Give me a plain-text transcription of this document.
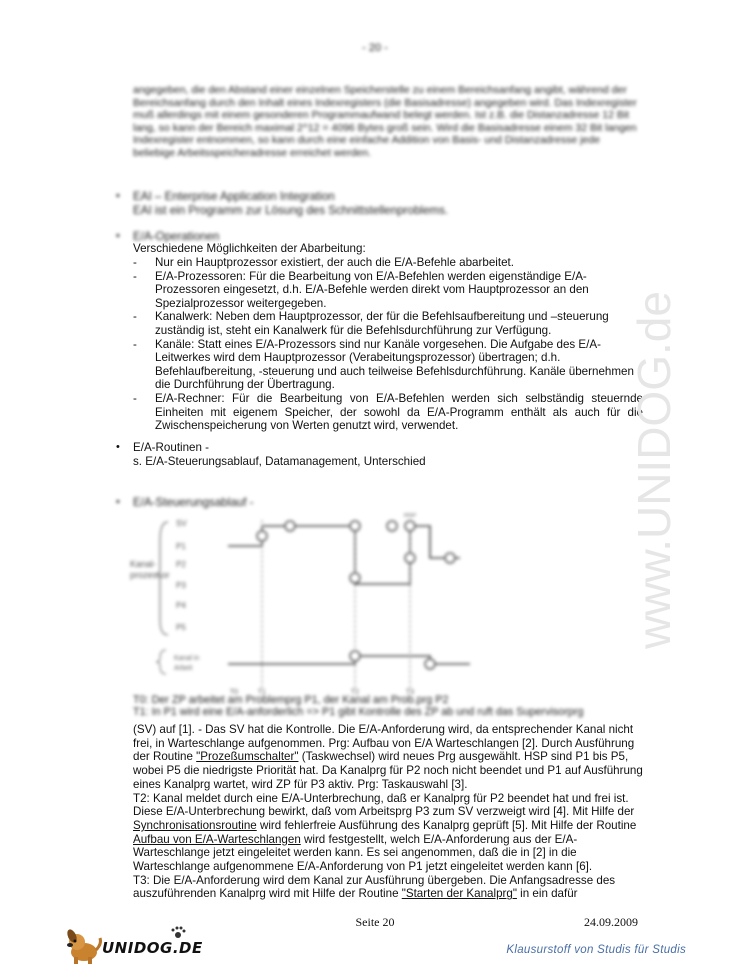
- 20 -
angegeben, die den Abstand einer einzelnen Speicherstelle zu einem Bereichsanfang angibt, während der Bereichsanfang durch den Inhalt eines Indexregisters (die Basisadresse) angegeben wird. Das Indexregister muß allerdings mit einem gesonderen Programmaufwand belegt werden. Ist z.B. die Distanzadresse 12 Bit lang, so kann der Bereich maximal 2^12 = 4096 Bytes groß sein. Wird die Basisadresse einem 32 Bit langen Indexregister entnommen, so kann durch eine einfache Addition von Basis- und Distanzadresse jede beliebige Arbeitsspeicheradresse erreichet werden.
• EAI – Enterprise Application Integration
EAI ist ein Programm zur Lösung des Schnittstellenproblems.
• E/A-Operationen
Verschiedene Möglichkeiten der Abarbeitung:
- Nur ein Hauptprozessor existiert, der auch die E/A-Befehle abarbeitet.
- E/A-Prozessoren: Für die Bearbeitung von E/A-Befehlen werden eigenständige E/A-Prozessoren eingesetzt, d.h. E/A-Befehle werden direkt vom Hauptprozessor an den Spezialprozessor weitergegeben.
- Kanalwerk: Neben dem Hauptprozessor, der für die Befehlsaufbereitung und –steuerung zuständig ist, steht ein Kanalwerk für die Befehlsdurchführung zur Verfügung.
- Kanäle: Statt eines E/A-Prozessors sind nur Kanäle vorgesehen. Die Aufgabe des E/A-Leitwerkes wird dem Hauptprozessor (Verabeitungsprozessor) übertragen; d.h. Befehlaufbereitung, -steuerung und auch teilweise Befehlsdurchführung. Kanäle übernehmen die Durchführung der Übertragung.
- E/A-Rechner: Für die Bearbeitung von E/A-Befehlen werden sich selbständig steuernde Einheiten mit eigenem Speicher, der sowohl da E/A-Programm enthält als auch für die Zwischenspeicherung von Werten genutzt wird, verwendet.
• E/A-Routinen -
s. E/A-Steuerungsablauf, Datamanagement, Unterschied
• E/A-Steuerungsablauf -
Kanal-
prozessor
SV
P1
P2
P3
P4
P5
Kanal in
Arbeit
HSP
T0	T1	T2	T3
T0: Der ZP arbeitet am Problemprg P1, der Kanal am Prob.prg P2
T1: In P1 wird eine E/A-anforderlich => P1 gibt Kontrolle des ZP ab und ruft das Supervisorprg

(SV) auf [1]. - Das SV hat die Kontrolle. Die E/A-Anforderung wird, da entsprechender Kanal nicht frei, in Warteschlange aufgenommen. Prg: Aufbau von E/A Warteschlangen [2]. Durch Ausführung der Routine "Prozeßumschalter" (Taskwechsel) wird neues Prg ausgewählt. HSP sind P1 bis P5, wobei P5 die niedrigste Priorität hat. Da Kanalprg für P2 noch nicht beendet und P1 auf Ausführung eines Kanalprg wartet, wird ZP für P3 aktiv. Prg: Taskauswahl [3].

T2: Kanal meldet durch eine E/A-Unterbrechung, daß er Kanalprg für P2 beendet hat und frei ist. Diese E/A-Unterbrechung bewirkt, daß vom Arbeitsprg P3 zum SV verzweigt wird [4]. Mit Hilfe der Synchronisationsroutine wird fehlerfreie Ausführung des Kanalprg geprüft [5]. Mit Hilfe der Routine Aufbau von E/A-Warteschlangen wird festgestellt, welch E/A-Anforderung aus der E/A-Warteschlange jetzt eingeleitet werden kann. Es sei angenommen, daß die in [2] in die Warteschlange aufgenommene E/A-Anforderung von P1 jetzt eingeleitet werden kann [6].

T3: Die E/A-Anforderung wird dem Kanal zur Ausführung übergeben. Die Anfangsadresse des auszuführenden Kanalprg wird mit Hilfe der Routine "Starten der Kanalprg" in ein dafür

www.UNIDOG.de
Seite 20	24.09.2009
UNIDOG.DE	Klausurstoff von Studis für Studis
